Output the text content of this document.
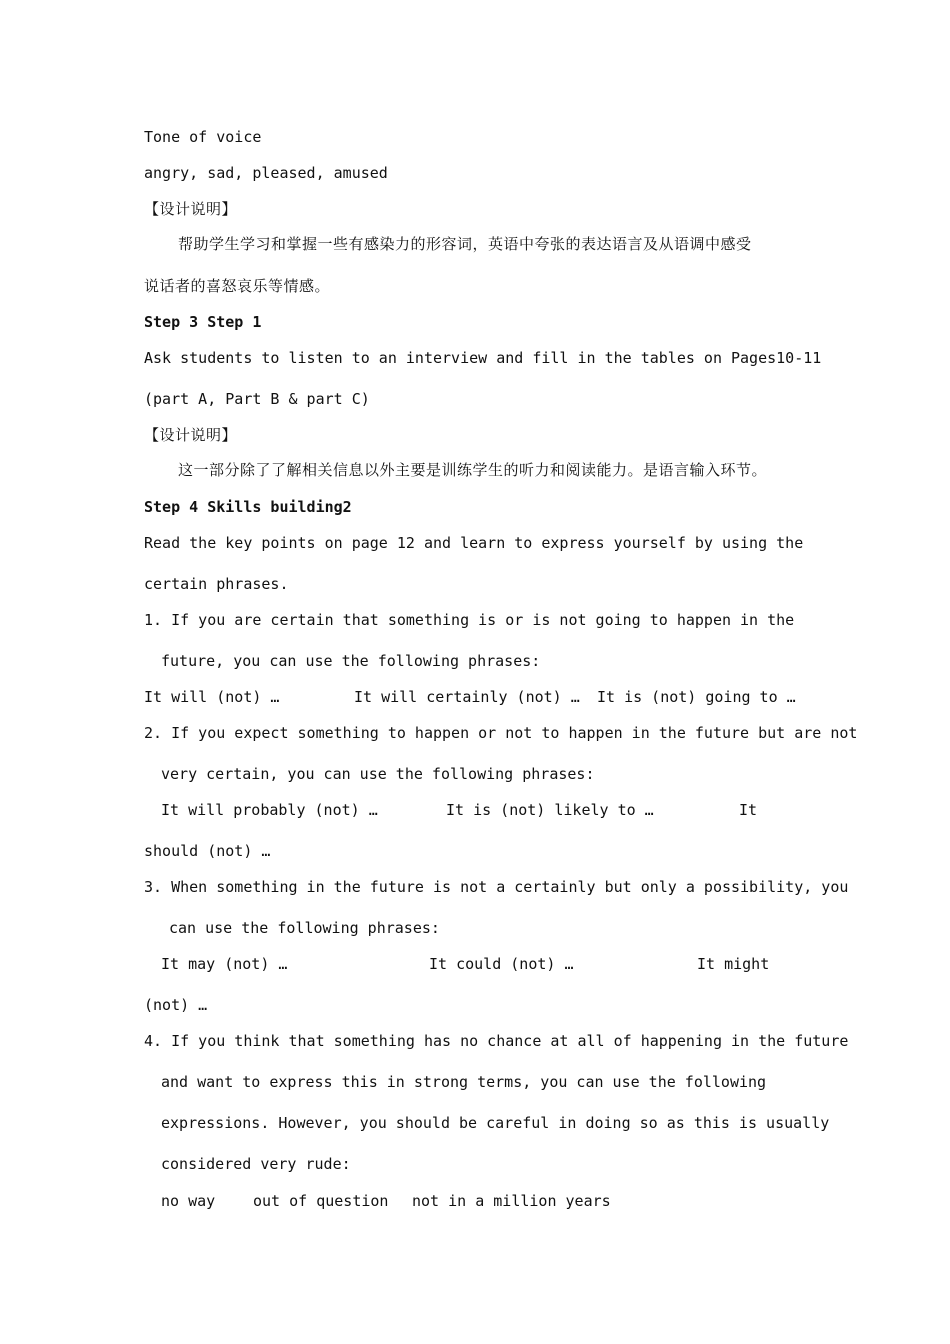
Tone of voice
angry, sad, pleased, amused
【设计说明】
帮助学生学习和掌握一些有感染力的形容词，英语中夸张的表达语言及从语调中感受
说话者的喜怒哀乐等情感。
Step 3 Step 1
Ask students to listen to an interview and fill in the tables on Pages10-11
(part A, Part B & part C)
【设计说明】
这一部分除了了解相关信息以外主要是训练学生的听力和阅读能力。是语言输入环节。
Step 4 Skills building2
Read the key points on page 12 and learn to express yourself by using the
certain phrases.
1. If you are certain that something is or is not going to happen in the
future, you can use the following phrases:
It will (not) …	It will certainly (not) … It is (not) going to …
2. If you expect something to happen or not to happen in the future but are not
very certain, you can use the following phrases:
It will probably (not) …	It is (not) likely to …	It
should (not) …
3. When something in the future is not a certainly but only a possibility, you
can use the following phrases:
It may (not) …	It could (not) …	It might
(not) …
4. If you think that something has no chance at all of happening in the future
and want to express this in strong terms, you can use the following
expressions. However, you should be careful in doing so as this is usually
considered very rude:
no way	out of question not in a million years
